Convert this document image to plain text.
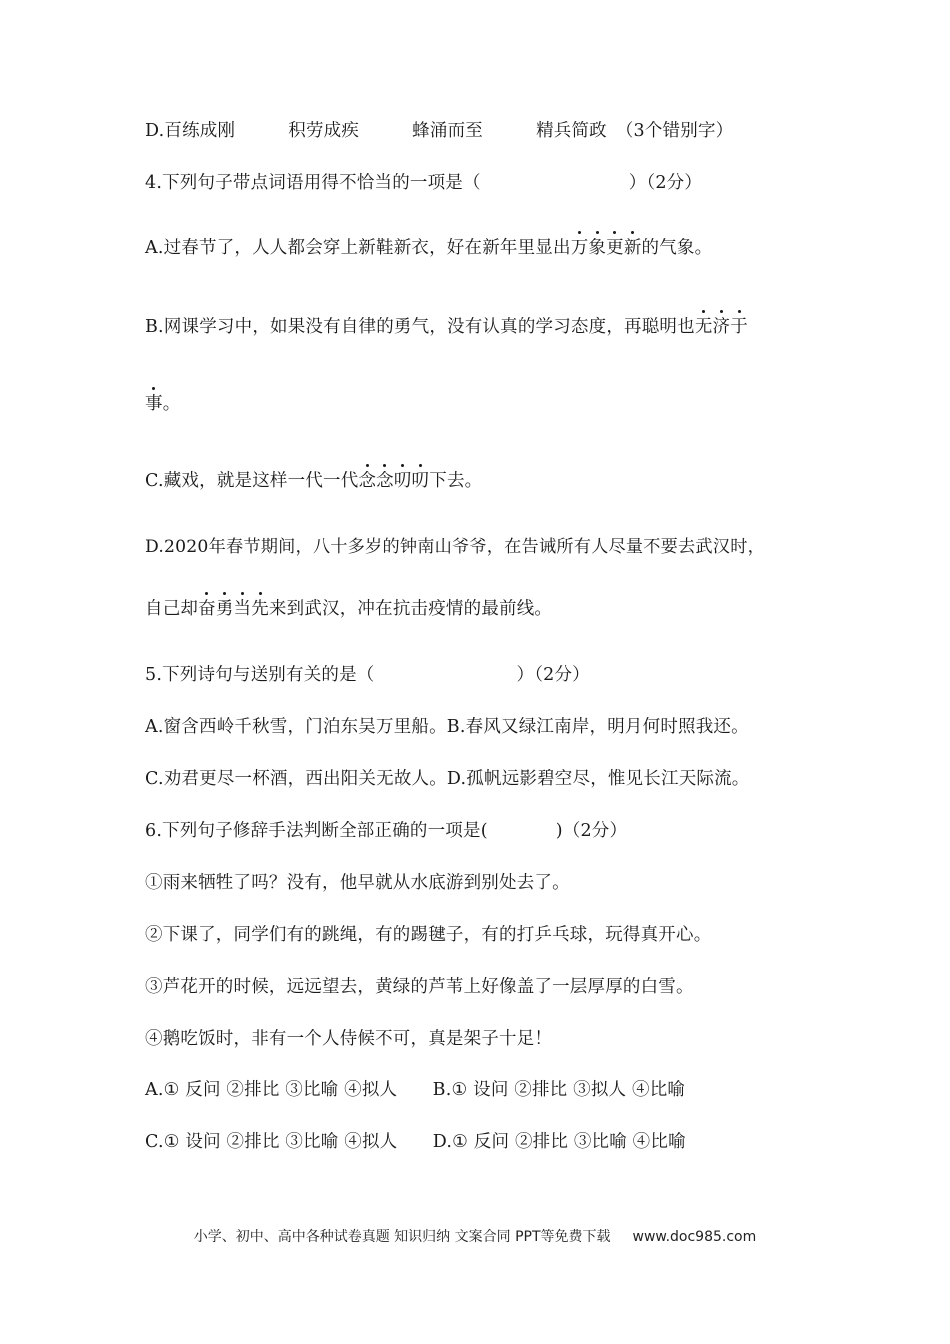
D.百练成刚　　　积劳成疾　　　蜂涌而至　　　精兵简政　（3个错别字）
4.下列句子带点词语用得不恰当的一项是（	）（2分）
A.过春节了，人人都会穿上新鞋新衣，好在新年里显出万象更新的气象。
B.网课学习中，如果没有自律的勇气，没有认真的学习态度，再聪明也无济于
事。
C.藏戏，就是这样一代一代念念叨叨下去。
D.2020年春节期间，八十多岁的钟南山爷爷，在告诫所有人尽量不要去武汉时，
自己却奋勇当先来到武汉，冲在抗击疫情的最前线。
5.下列诗句与送别有关的是（	）（2分）
A.窗含西岭千秋雪，门泊东吴万里船。B.春风又绿江南岸，明月何时照我还。
C.劝君更尽一杯酒，西出阳关无故人。D.孤帆远影碧空尽，惟见长江天际流。
6.下列句子修辞手法判断全部正确的一项是(	)（2分）
①雨来牺牲了吗？没有，他早就从水底游到别处去了。
②下课了，同学们有的跳绳，有的踢毽子，有的打乒乓球，玩得真开心。
③芦花开的时候，远远望去，黄绿的芦苇上好像盖了一层厚厚的白雪。
④鹅吃饭时，非有一个人侍候不可，真是架子十足！
A.① 反问 ②排比 ③比喻 ④拟人　　B.① 设问 ②排比 ③拟人 ④比喻
C.① 设问 ②排比 ③比喻 ④拟人　　D.① 反问 ②排比 ③比喻 ④比喻
小学、初中、高中各种试卷真题 知识归纳 文案合同 PPT等免费下载 www.doc985.com
